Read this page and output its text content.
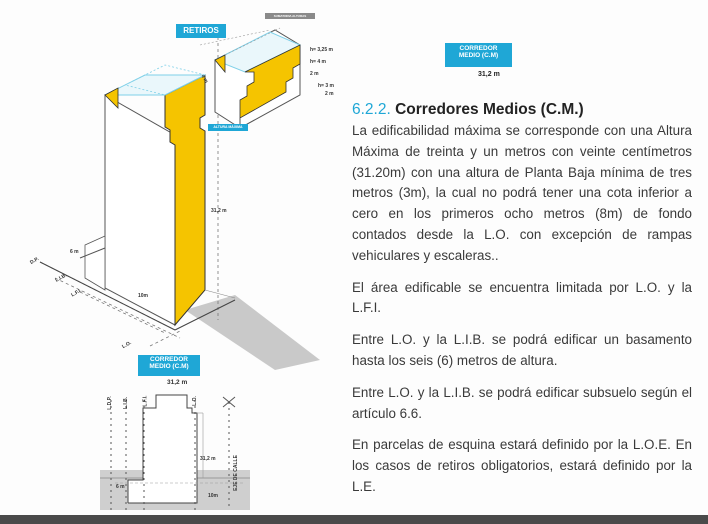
RETIROS
SUMATORIA ALTURAS
ALTURA MÁXIMA
h= 3,25 m
h= 4 m
2 m
h= 3 m
2 m
4 m
31,2 m
6 m
10m
D.P.
L.I.B.
L.F.I.
L.O.
CORREDOR
MEDIO (C.M)
31,2 m
L.D.P. L.I.B.	L.F.I.	L.O.
31,2 m
6 m
10m
EJE DE CALLE
CORREDOR
MEDIO (C.M)
31,2 m
6.2.2. Corredores Medios (C.M.)

La edificabilidad máxima se corresponde con una Altura Máxima de treinta y un metros con veinte centímetros (31.20m) con una altura de Planta Baja mínima de tres metros (3m), la cual no podrá tener una cota inferior a cero en los primeros ocho metros (8m) de fondo contados desde la L.O. con excepción de rampas vehiculares y escaleras..

El área edificable se encuentra limitada por L.O. y la L.F.I.

Entre L.O. y la L.I.B. se podrá edificar un basamento hasta los seis (6) metros de altura.

Entre L.O. y la L.I.B. se podrá edificar subsuelo según el artículo 6.6.

En parcelas de esquina estará definido por la L.O.E. En los casos de retiros obligatorios, estará definido por la L.E.
